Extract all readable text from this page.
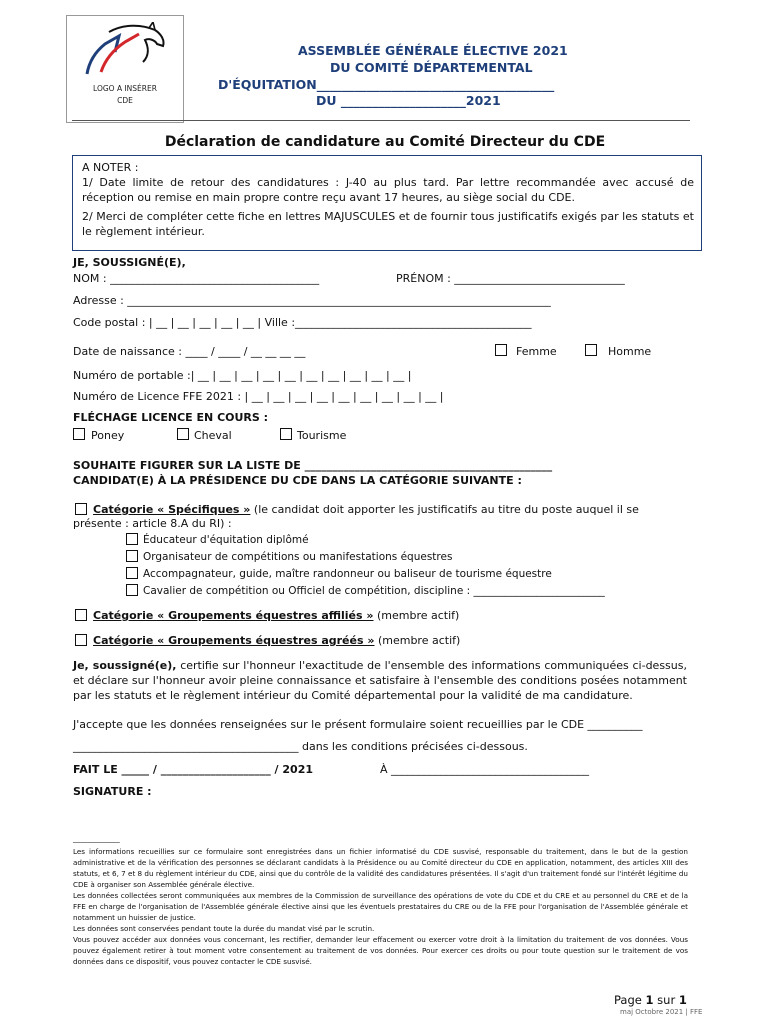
LOGO A INSÉRER
CDE
ASSEMBLÉE GÉNÉRALE ÉLECTIVE 2021
DU COMITÉ DÉPARTEMENTAL
D'ÉQUITATION______________________________________
DU ____________________2021
Déclaration de candidature au Comité Directeur du CDE
A NOTER :
1/ Date limite de retour des candidatures : J-40 au plus tard. Par lettre recommandée avec accusé de réception ou remise en main propre contre reçu avant 17 heures, au siège social du CDE.
2/ Merci de compléter cette fiche en lettres MAJUSCULES et de fournir tous justificatifs exigés par les statuts et le règlement intérieur.
JE, SOUSSIGNÉ(E),
NOM : ______________________________________	PRÉNOM : _______________________________
Adresse : _____________________________________________________________________________
Code postal : | __ | __ | __ | __ | __ | Ville :___________________________________________
Date de naissance : ____ / ____ / __ __ __ __	Femme	Homme
Numéro de portable :| __ | __ | __ | __ | __ | __ | __ | __ | __ | __ |
Numéro de Licence FFE 2021 : | __ | __ | __ | __ | __ | __ | __ | __ | __ |
FLÉCHAGE LICENCE EN COURS :
Poney	Cheval	Tourisme
SOUHAITE FIGURER SUR LA LISTE DE _____________________________________________
CANDIDAT(E) À LA PRÉSIDENCE DU CDE DANS LA CATÉGORIE SUIVANTE :
Catégorie « Spécifiques » (le candidat doit apporter les justificatifs au titre du poste auquel il se
présente : article 8.A du RI) :
Éducateur d'équitation diplômé
Organisateur de compétitions ou manifestations équestres
Accompagnateur, guide, maître randonneur ou baliseur de tourisme équestre
Cavalier de compétition ou Officiel de compétition, discipline : _________________________
Catégorie « Groupements équestres affiliés » (membre actif)
Catégorie « Groupements équestres agréés » (membre actif)
Je, soussigné(e), certifie sur l'honneur l'exactitude de l'ensemble des informations communiquées ci-dessus, et déclare sur l'honneur avoir pleine connaissance et satisfaire à l'ensemble des conditions posées notamment par les statuts et le règlement intérieur du Comité départemental pour la validité de ma candidature.
J'accepte que les données renseignées sur le présent formulaire soient recueillies par le CDE __________
_________________________________________ dans les conditions précisées ci-dessous.
FAIT LE _____ / ____________________ / 2021	À ____________________________________
SIGNATURE :
_____________
Les informations recueillies sur ce formulaire sont enregistrées dans un fichier informatisé du CDE susvisé, responsable du traitement, dans le but de la gestion administrative et de la vérification des personnes se déclarant candidats à la Présidence ou au Comité directeur du CDE en application, notamment, des articles XIII des statuts, et 6, 7 et 8 du règlement intérieur du CDE, ainsi que du contrôle de la validité des candidatures présentées. Il s'agit d'un traitement fondé sur l'intérêt légitime du CDE à organiser son Assemblée générale élective.
Les données collectées seront communiquées aux membres de la Commission de surveillance des opérations de vote du CDE et du CRE et au personnel du CRE et de la FFE en charge de l'organisation de l'Assemblée générale élective ainsi que les éventuels prestataires du CRE ou de la FFE pour l'organisation de l'Assemblée générale et notamment un huissier de justice.
Les données sont conservées pendant toute la durée du mandat visé par le scrutin.
Vous pouvez accéder aux données vous concernant, les rectifier, demander leur effacement ou exercer votre droit à la limitation du traitement de vos données. Vous pouvez également retirer à tout moment votre consentement au traitement de vos données. Pour exercer ces droits ou pour toute question sur le traitement de vos données dans ce dispositif, vous pouvez contacter le CDE susvisé.
Page 1 sur 1
maj Octobre 2021 | FFE
